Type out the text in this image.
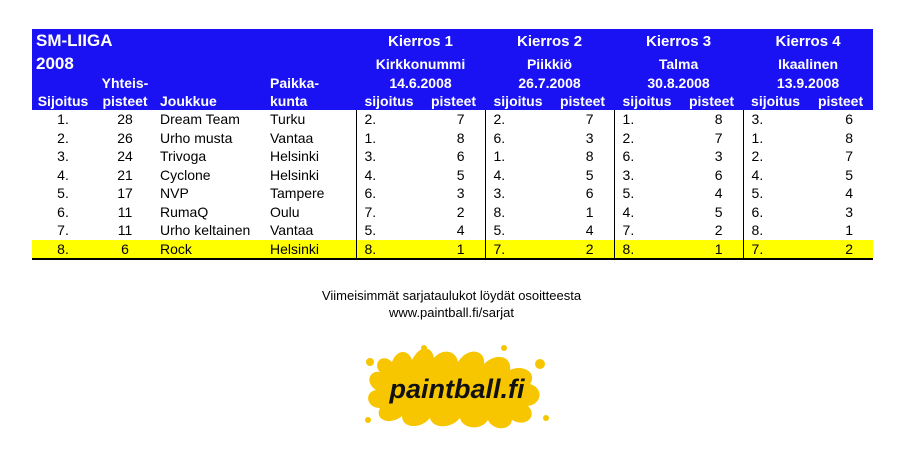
SM-LIIGA				Kierros 1		Kierros 2		Kierros 3		Kierros 4	
2008				Kirkkonummi		Piikkiö		Talma		Ikaalinen	
	Yhteis-		Paikka-	14.6.2008		26.7.2008		30.8.2008		13.9.2008	
Sijoitus	pisteet	Joukkue	kunta	sijoitus	pisteet	sijoitus	pisteet	sijoitus	pisteet	sijoitus	pisteet
1.	28	Dream Team	Turku	2.	7	2.	7	1.	8	3.	6
2.	26	Urho musta	Vantaa	1.	8	6.	3	2.	7	1.	8
3.	24	Trivoga	Helsinki	3.	6	1.	8	6.	3	2.	7
4.	21	Cyclone	Helsinki	4.	5	4.	5	3.	6	4.	5
5.	17	NVP	Tampere	6.	3	3.	6	5.	4	5.	4
6.	11	RumaQ	Oulu	7.	2	8.	1	4.	5	6.	3
7.	11	Urho keltainen	Vantaa	5.	4	5.	4	7.	2	8.	1
8.	6	Rock	Helsinki	8.	1	7.	2	8.	1	7.	2
Viimeisimmät sarjataulukot löydät osoitteesta
www.paintball.fi/sarjat
paintball.fi
